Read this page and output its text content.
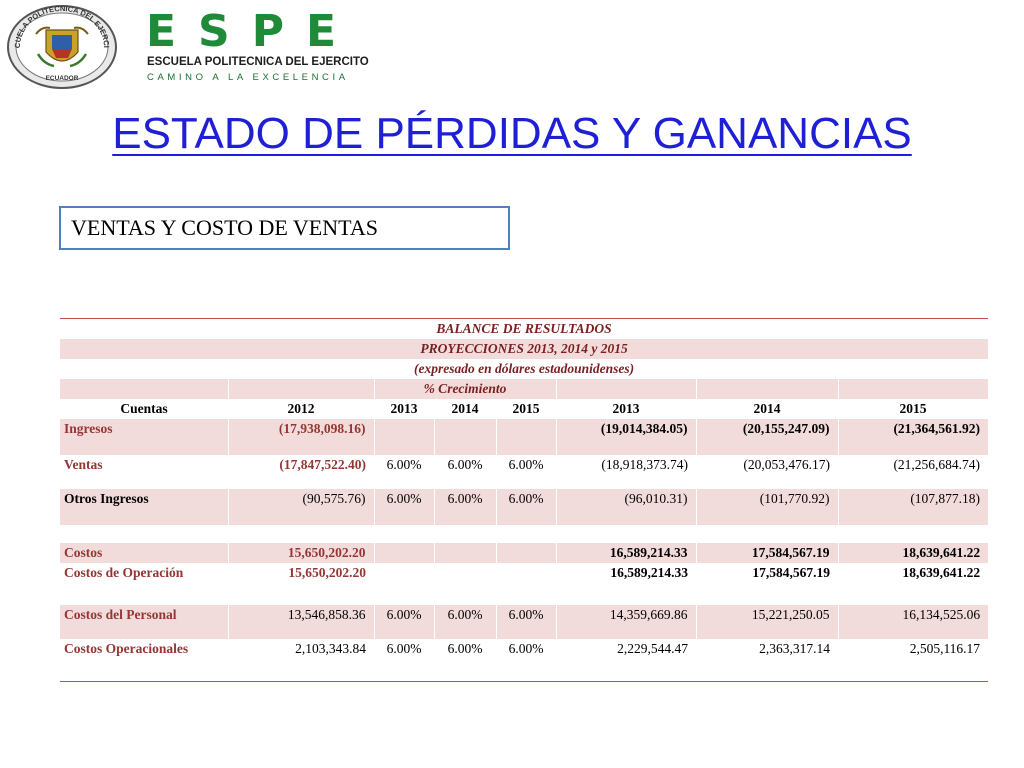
CUELA POLITECNICA DEL EJERCI
ECUADOR
ESPE
ESCUELA POLITECNICA DEL EJERCITO
CAMINO A LA EXCELENCIA
ESTADO DE PÉRDIDAS Y GANANCIAS
VENTAS Y COSTO DE VENTAS
BALANCE DE RESULTADOS							
PROYECCIONES 2013, 2014 y 2015							
(expresado en dólares estadounidenses)							
		% Crecimiento					
Cuentas	2012	2013	2014	2015	2013	2014	2015
Ingresos	(17,938,098.16)				(19,014,384.05)	(20,155,247.09)	(21,364,561.92)
Ventas	(17,847,522.40)	6.00%	6.00%	6.00%	(18,918,373.74)	(20,053,476.17)	(21,256,684.74)
Otros Ingresos	(90,575.76)	6.00%	6.00%	6.00%	(96,010.31)	(101,770.92)	(107,877.18)

Costos	15,650,202.20				16,589,214.33	17,584,567.19	18,639,641.22
Costos de Operación	15,650,202.20				16,589,214.33	17,584,567.19	18,639,641.22
Costos del Personal	13,546,858.36	6.00%	6.00%	6.00%	14,359,669.86	15,221,250.05	16,134,525.06
Costos Operacionales	2,103,343.84	6.00%	6.00%	6.00%	2,229,544.47	2,363,317.14	2,505,116.17
